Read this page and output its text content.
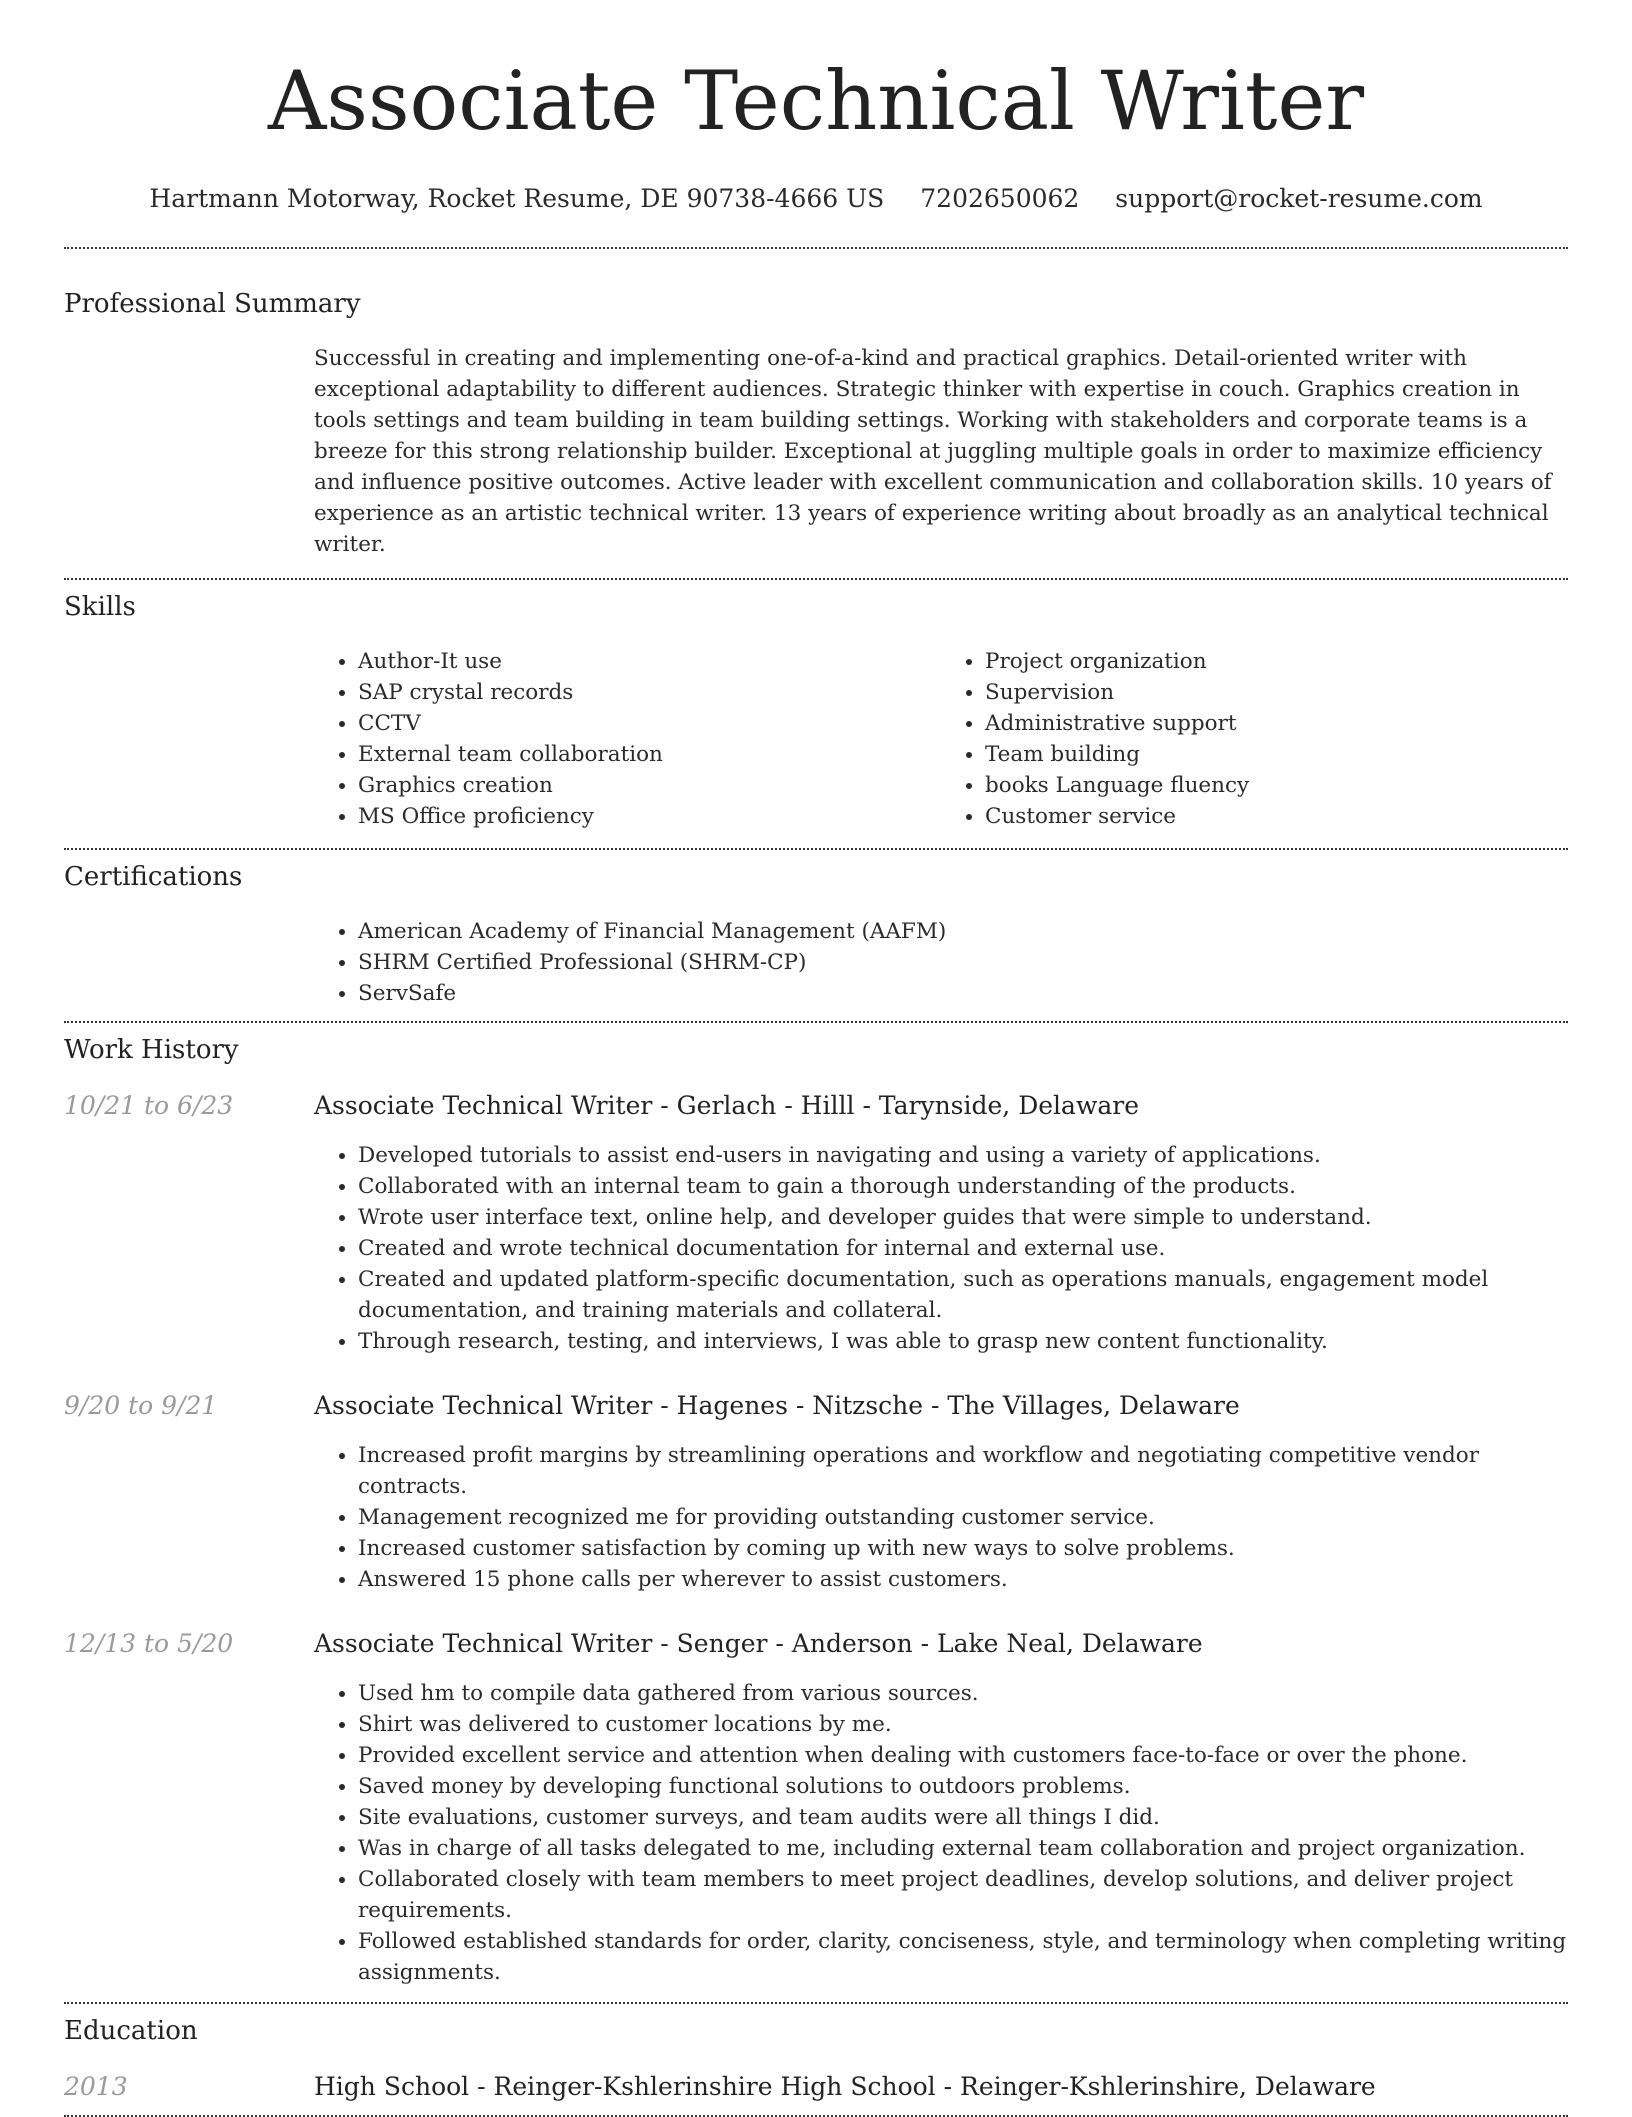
Associate Technical Writer
Hartmann Motorway, Rocket Resume, DE 90738-4666 US 7202650062 support@rocket-resume.com
Professional Summary

Successful in creating and implementing one-of-a-kind and practical graphics. Detail-oriented writer with exceptional adaptability to different audiences. Strategic thinker with expertise in couch. Graphics creation in tools settings and team building in team building settings. Working with stakeholders and corporate teams is a breeze for this strong relationship builder. Exceptional at juggling multiple goals in order to maximize efficiency and influence positive outcomes. Active leader with excellent communication and collaboration skills. 10 years of experience as an artistic technical writer. 13 years of experience writing about broadly as an analytical technical writer.

Skills
• Author-It use
• SAP crystal records
• CCTV
• External team collaboration
• Graphics creation
• MS Office proficiency
• Project organization
• Supervision
• Administrative support
• Team building
• books Language fluency
• Customer service
Certifications
• American Academy of Financial Management (AAFM)
• SHRM Certified Professional (SHRM-CP)
• ServSafe
Work History
10/21 to 6/23	Associate Technical Writer - Gerlach - Hilll - Tarynside, Delaware
• Developed tutorials to assist end-users in navigating and using a variety of applications.
• Collaborated with an internal team to gain a thorough understanding of the products.
• Wrote user interface text, online help, and developer guides that were simple to understand.
• Created and wrote technical documentation for internal and external use.
• Created and updated platform-specific documentation, such as operations manuals, engagement model documentation, and training materials and collateral.
• Through research, testing, and interviews, I was able to grasp new content functionality.
9/20 to 9/21	Associate Technical Writer - Hagenes - Nitzsche - The Villages, Delaware
• Increased profit margins by streamlining operations and workflow and negotiating competitive vendor contracts.
• Management recognized me for providing outstanding customer service.
• Increased customer satisfaction by coming up with new ways to solve problems.
• Answered 15 phone calls per wherever to assist customers.
12/13 to 5/20	Associate Technical Writer - Senger - Anderson - Lake Neal, Delaware
• Used hm to compile data gathered from various sources.
• Shirt was delivered to customer locations by me.
• Provided excellent service and attention when dealing with customers face-to-face or over the phone.
• Saved money by developing functional solutions to outdoors problems.
• Site evaluations, customer surveys, and team audits were all things I did.
• Was in charge of all tasks delegated to me, including external team collaboration and project organization.
• Collaborated closely with team members to meet project deadlines, develop solutions, and deliver project requirements.
• Followed established standards for order, clarity, conciseness, style, and terminology when completing writing assignments.
Education
2013	High School - Reinger-Kshlerinshire High School - Reinger-Kshlerinshire, Delaware
